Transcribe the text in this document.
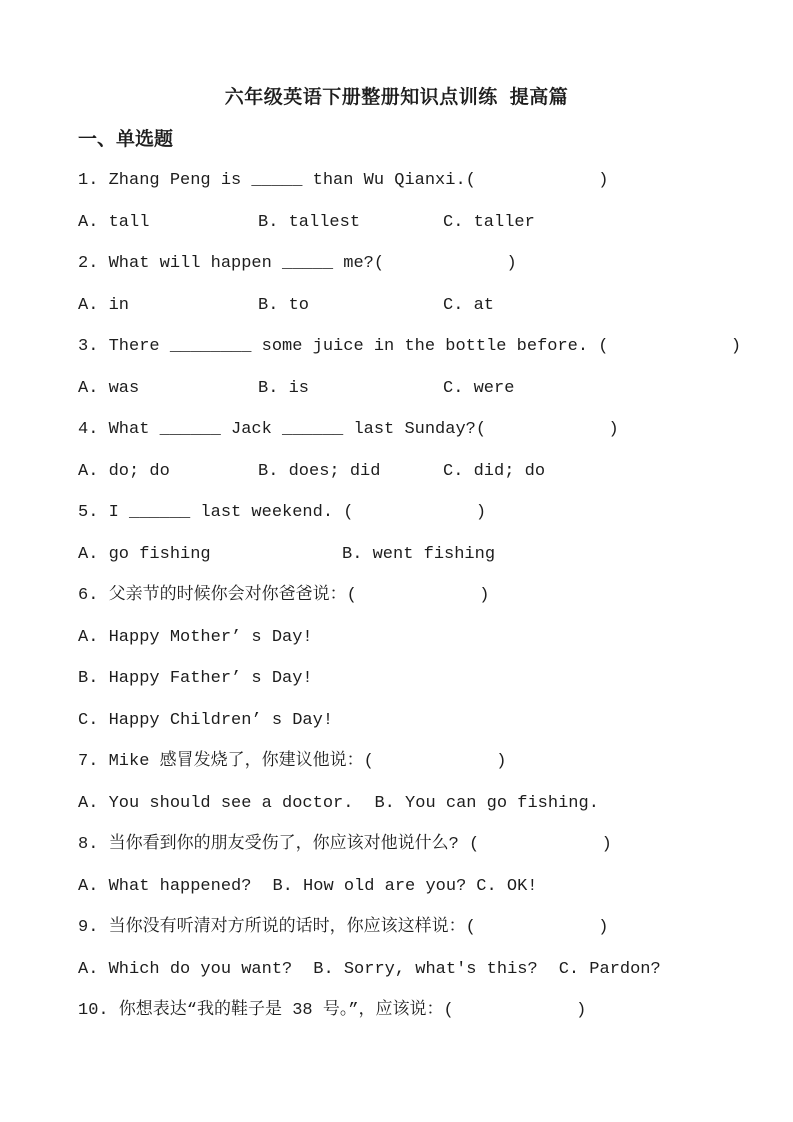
六年级英语下册整册知识点训练 提高篇
一、单选题
1. Zhang Peng is _____ than Wu Qianxi.(            )
A. tall	B. tallest	C. taller
2. What will happen _____ me?(            )
A. in	B. to	C. at
3. There ________ some juice in the bottle before. (            )
A. was	B. is	C. were
4. What ______ Jack ______ last Sunday?(            )
A. do; do	B. does; did	C. did; do
5. I ______ last weekend. (            )
A. go fishing	B. went fishing
6. 父亲节的时候你会对你爸爸说：(            )
A. Happy Mother’ s Day!
B. Happy Father’ s Day!
C. Happy Children’ s Day!
7. Mike 感冒发烧了，你建议他说：(            )
A. You should see a doctor. B. You can go fishing.
8. 当你看到你的朋友受伤了，你应该对他说什么? (            )
A. What happened? B. How old are you? C. OK!
9. 当你没有听清对方所说的话时，你应该这样说：(            )
A. Which do you want? B. Sorry, what's this? C. Pardon?
10. 你想表达“我的鞋子是 38 号。”，应该说：(            )
